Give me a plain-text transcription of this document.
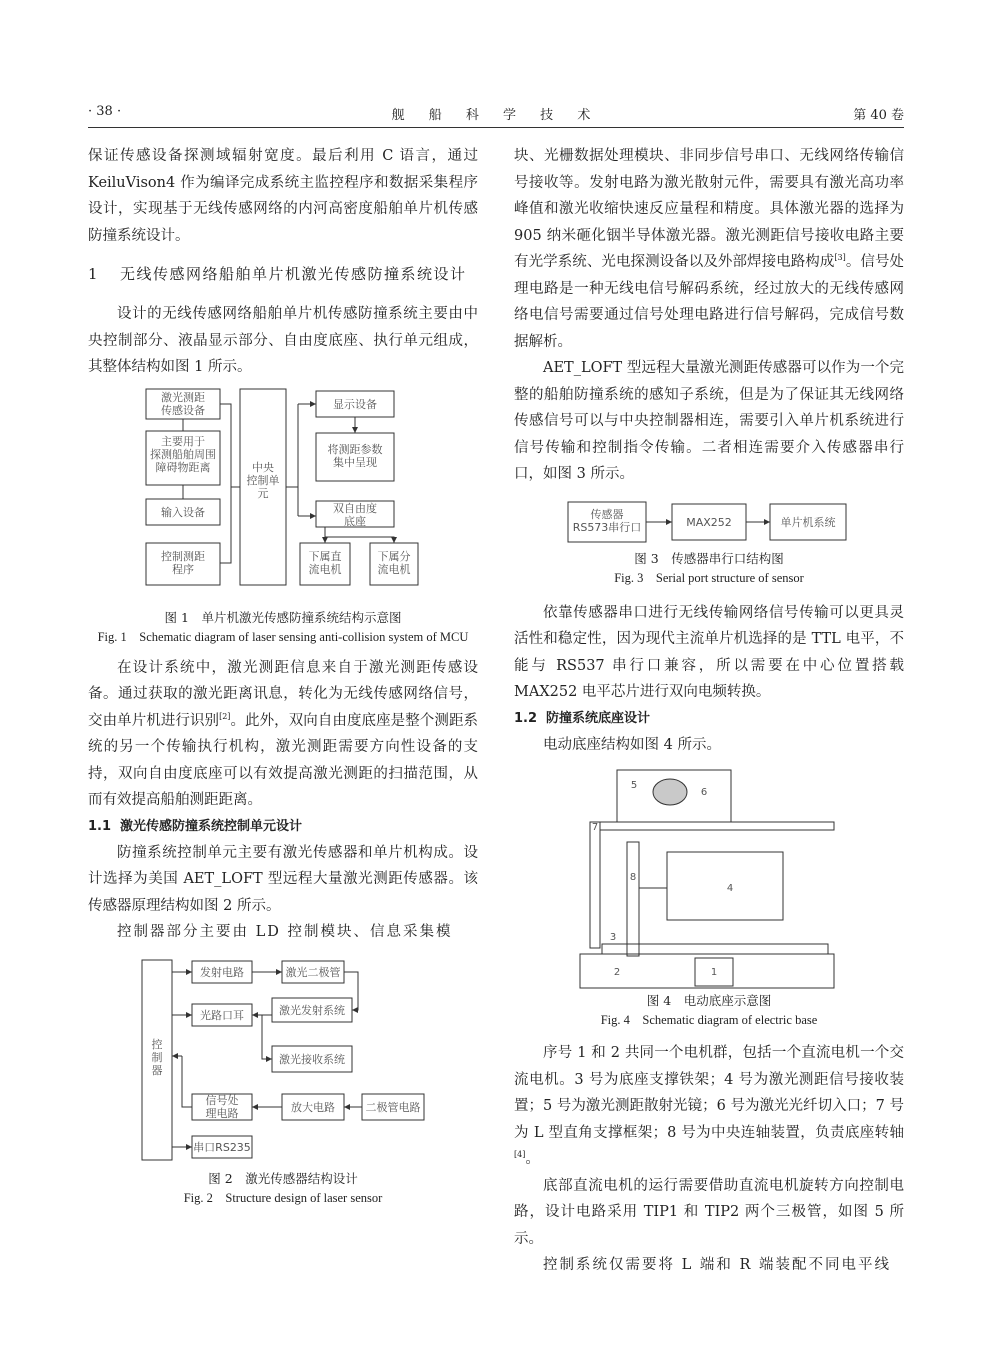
· 38 ·	舰 船 科 学 技 术	第 40 卷

保证传感设备探测域辐射宽度。最后利用 C 语言，通过 KeiluVison4 作为编译完成系统主监控程序和数据采集程序设计，实现基于无线传感网络的内河高密度船舶单片机传感防撞系统设计。

1	无线传感网络船舶单片机激光传感防撞系统设计

设计的无线传感网络船舶单片机传感防撞系统主要由中央控制部分、液晶显示部分、自由度底座、执行单元组成，其整体结构如图 1 所示。

激光测距传感设备
主要用于探测船舶周围障碍物距离
输入设备
控制测距程序
中央控制单元
显示设备
将测距参数集中呈现
双自由度底座
下属直流电机
下属分流电机
图 1　单片机激光传感防撞系统结构示意图
Fig. 1　Schematic diagram of laser sensing anti-collision system of MCU

在设计系统中，激光测距信息来自于激光测距传感设备。通过获取的激光距离讯息，转化为无线传感网络信号，交由单片机进行识别[2]。此外，双向自由度底座是整个测距系统的另一个传输执行机构，激光测距需要方向性设备的支持，双向自由度底座可以有效提高激光测距的扫描范围，从而有效提高船舶测距距离。

1.1 激光传感防撞系统控制单元设计

防撞系统控制单元主要有激光传感器和单片机构成。设计选择为美国 AET_LOFT 型远程大量激光测距传感器。该传感器原理结构如图 2 所示。

控制器部分主要由 LD 控制模块、信息采集模

控制器
发射电路	激光二极管
光路口耳	激光发射系统
激光接收系统
信号处理电路	放大电路	二极管电路
串口RS235
图 2　激光传感器结构设计
Fig. 2　Structure design of laser sensor

块、光栅数据处理模块、非同步信号串口、无线网络传输信号接收等。发射电路为激光散射元件，需要具有激光高功率峰值和激光收缩快速反应量程和精度。具体激光器的选择为 905 纳米砸化铟半导体激光器。激光测距信号接收电路主要有光学系统、光电探测设备以及外部焊接电路构成[3]。信号处理电路是一种无线电信号解码系统，经过放大的无线传感网络电信号需要通过信号处理电路进行信号解码，完成信号数据解析。

AET_LOFT 型远程大量激光测距传感器可以作为一个完整的船舶防撞系统的感知子系统，但是为了保证其无线网络传感信号可以与中央控制器相连，需要引入单片机系统进行信号传输和控制指令传输。二者相连需要介入传感器串行口，如图 3 所示。

传感器 RS573串行口	MAX252	单片机系统
图 3　传感器串行口结构图
Fig. 3　Serial port structure of sensor

依靠传感器串口进行无线传输网络信号传输可以更具灵活性和稳定性，因为现代主流单片机选择的是 TTL 电平，不能与 RS537 串行口兼容，所以需要在中心位置搭载 MAX252 电平芯片进行双向电频转换。

1.2 防撞系统底座设计

电动底座结构如图 4 所示。

5
6
7
8
4
3
2	1
图 4　电动底座示意图
Fig. 4　Schematic diagram of electric base

序号 1 和 2 共同一个电机群，包括一个直流电机一个交流电机。3 号为底座支撑铁架；4 号为激光测距信号接收装置；5 号为激光测距散射光镜；6 号为激光光纤切入口；7 号为 L 型直角支撑框架；8 号为中央连轴装置，负责底座转轴[4]。

底部直流电机的运行需要借助直流电机旋转方向控制电路，设计电路采用 TIP1 和 TIP2 两个三极管，如图 5 所示。

控制系统仅需要将 L 端和 R 端装配不同电平线
